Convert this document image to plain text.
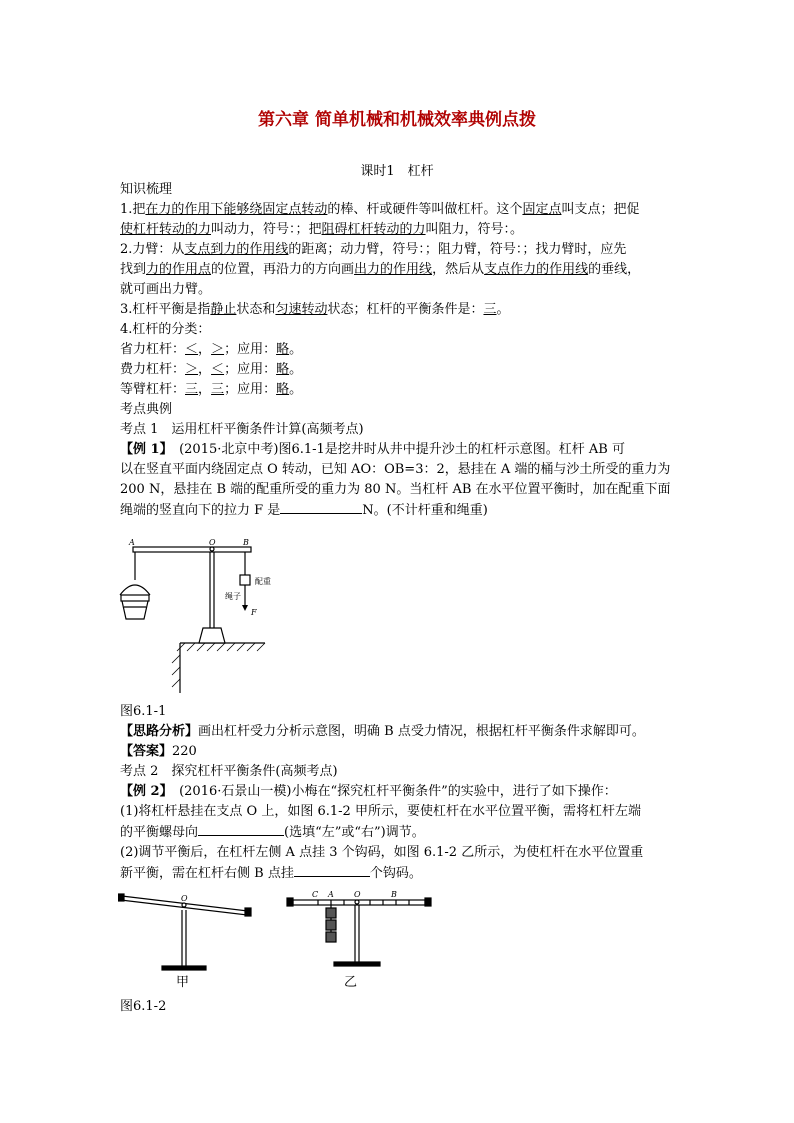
第六章 简单机械和机械效率典例点拨

课时1　杠杆

知识梳理
1.把在力的作用下能够绕固定点转动的棒、杆或硬件等叫做杠杆。这个固定点叫支点；把促
使杠杆转动的力叫动力，符号：；把阻碍杠杆转动的力叫阻力，符号：。
2.力臂：从支点到力的作用线的距离；动力臂，符号：；阻力臂，符号：；找力臂时，应先
找到力的作用点的位置，再沿力的方向画出力的作用线，然后从支点作力的作用线的垂线，
就可画出力臂。
3.杠杆平衡是指静止状态和匀速转动状态；杠杆的平衡条件是：三。
4.杠杆的分类：
省力杠杆：＜，＞；应用：略。
费力杠杆：＞，＜；应用：略。
等臂杠杆：三，三；应用：略。
考点典例
考点 1　运用杠杆平衡条件计算(高频考点)
【例 1】　(2015·北京中考)图6.1-1是挖井时从井中提升沙土的杠杆示意图。杠杆 AB 可
以在竖直平面内绕固定点 O 转动，已知 AO：OB=3：2，悬挂在 A 端的桶与沙土所受的重力为
200 N，悬挂在 B 端的配重所受的重力为 80 N。当杠杆 AB 在水平位置平衡时，加在配重下面
绳端的竖直向下的拉力 F 是	N。(不计杆重和绳重)
A	O	B
配重
绳子
F
图6.1-1
【思路分析】画出杠杆受力分析示意图，明确 B 点受力情况，根据杠杆平衡条件求解即可。
【答案】220
考点 2　探究杠杆平衡条件(高频考点)
【例 2】　(2016·石景山一模)小梅在“探究杠杆平衡条件”的实验中，进行了如下操作：
(1)将杠杆悬挂在支点 O 上，如图 6.1-2 甲所示，要使杠杆在水平位置平衡，需将杠杆左端
的平衡螺母向	(选填“左”或“右”)调节。
(2)调节平衡后，在杠杆左侧 A 点挂 3 个钩码，如图 6.1-2 乙所示，为使杠杆在水平位置重
新平衡，需在杠杆右侧 B 点挂	个钩码。
O	C A	O	B
甲	乙

图6.1-2
